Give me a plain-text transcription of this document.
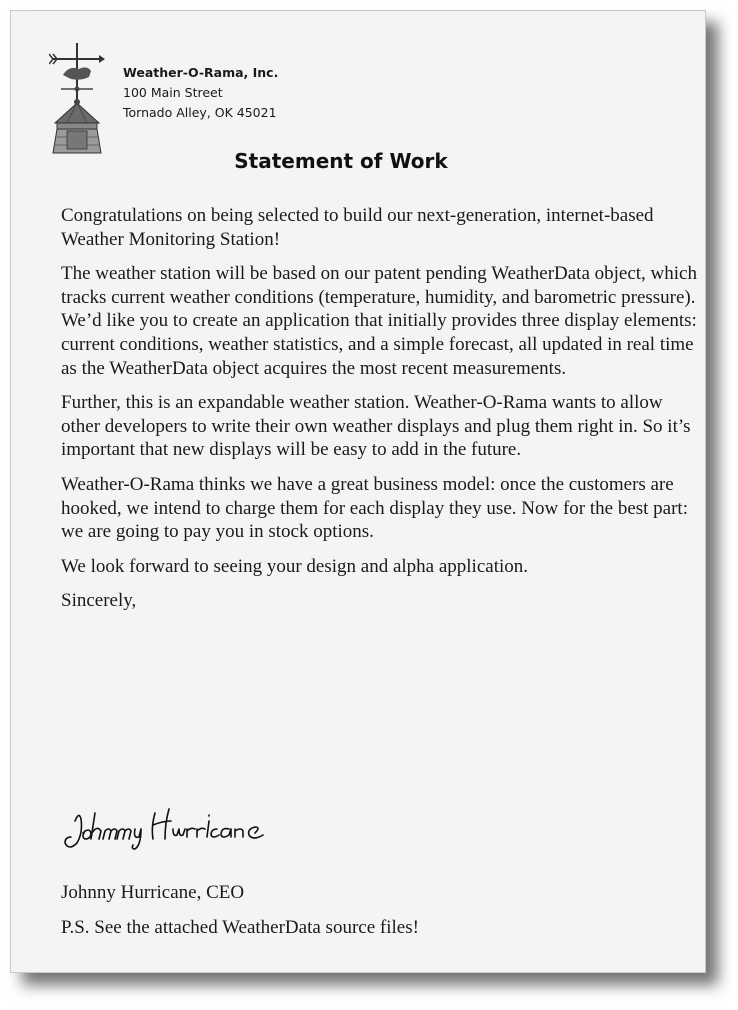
Weather-O-Rama, Inc.
100 Main Street
Tornado Alley, OK 45021
Statement of Work

Congratulations on being selected to build our next-generation, internet-based Weather Monitoring Station!

The weather station will be based on our patent pending WeatherData object, which tracks current weather conditions (temperature, humidity, and barometric pressure). We’d like you to create an application that initially provides three display elements: current conditions, weather statistics, and a simple forecast, all updated in real time as the WeatherData object acquires the most recent measurements.

Further, this is an expandable weather station. Weather-O-Rama wants to allow other developers to write their own weather displays and plug them right in. So it’s important that new displays will be easy to add in the future.

Weather-O-Rama thinks we have a great business model: once the customers are hooked, we intend to charge them for each display they use. Now for the best part: we are going to pay you in stock options.

We look forward to seeing your design and alpha application.

Sincerely,

Johnny Hurricane, CEO

P.S. See the attached WeatherData source files!
